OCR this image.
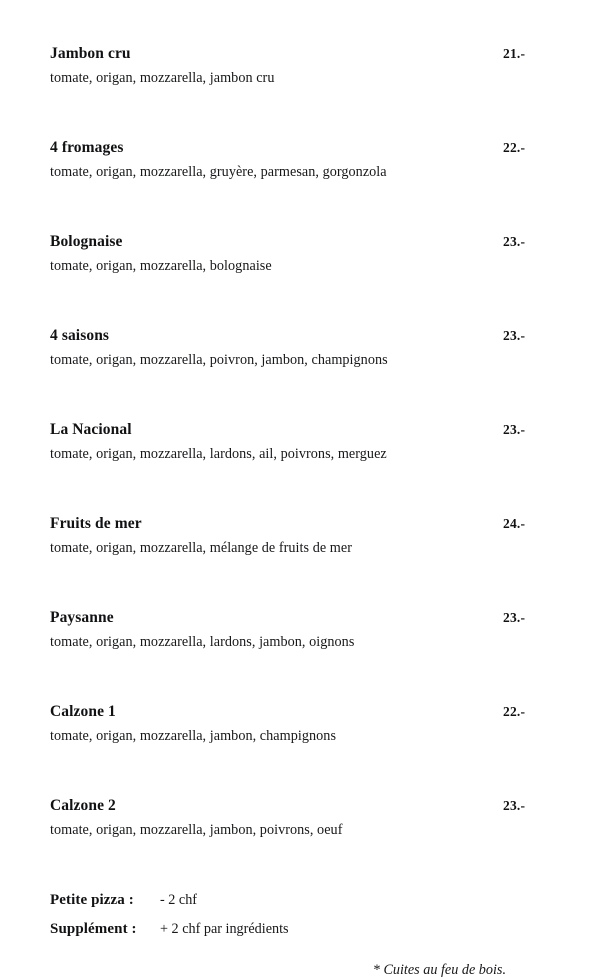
Jambon cru	21.-
tomate, origan, mozzarella, jambon cru
4 fromages	22.-
tomate, origan, mozzarella, gruyère, parmesan, gorgonzola
Bolognaise	23.-
tomate, origan, mozzarella, bolognaise
4 saisons	23.-
tomate, origan, mozzarella, poivron, jambon, champignons
La Nacional	23.-
tomate, origan, mozzarella, lardons, ail, poivrons, merguez
Fruits de mer	24.-
tomate, origan, mozzarella, mélange de fruits de mer
Paysanne	23.-
tomate, origan, mozzarella, lardons, jambon, oignons
Calzone 1	22.-
tomate, origan, mozzarella, jambon, champignons
Calzone 2	23.-
tomate, origan, mozzarella, jambon, poivrons, oeuf
Petite pizza :	- 2 chf
Supplément :	+ 2 chf par ingrédients
* Cuites au feu de bois.
